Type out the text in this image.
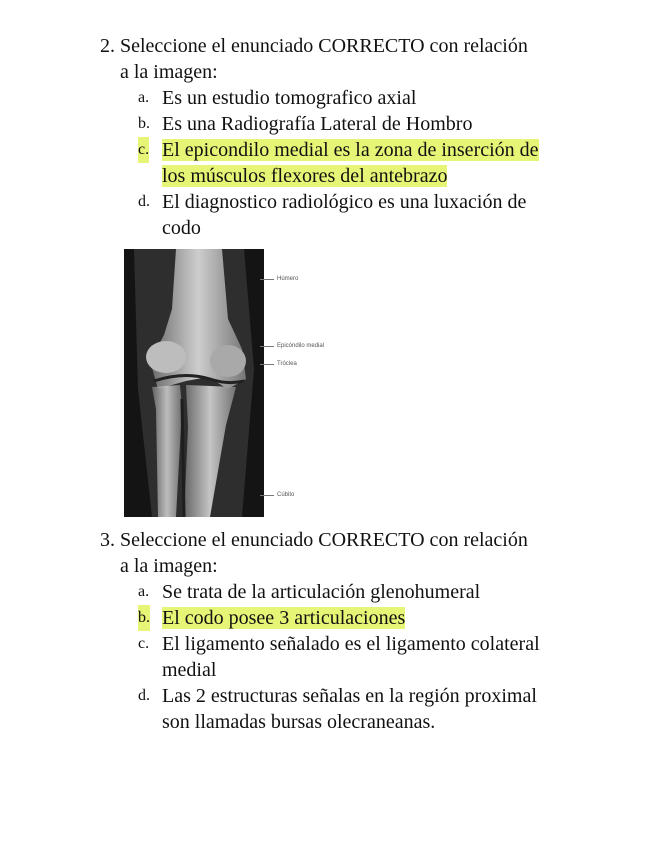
2. Seleccione el enunciado CORRECTO con relación
a la imagen:
a. Es un estudio tomografico axial
b. Es una Radiografía Lateral de Hombro
c. El epicondilo medial es la zona de inserción de
los músculos flexores del antebrazo
d. El diagnostico radiológico es una luxación de
codo
Húmero
Epicóndilo medial
Tróclea
Cúbito
3. Seleccione el enunciado CORRECTO con relación
a la imagen:
a. Se trata de la articulación glenohumeral
b. El codo posee 3 articulaciones
c. El ligamento señalado es el ligamento colateral
medial
d. Las 2 estructuras señalas en la región proximal
son llamadas bursas olecraneanas.
